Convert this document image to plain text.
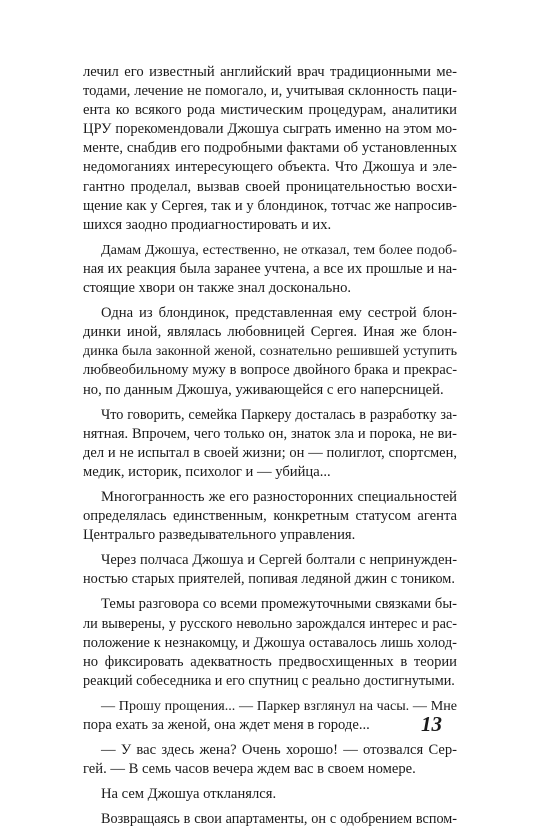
лечил его известный английский врач традиционными ме-
тодами, лечение не помогало, и, учитывая склонность паци-
ента ко всякого рода мистическим процедурам, аналитики
ЦРУ порекомендовали Джошуа сыграть именно на этом мо-
менте, снабдив его подробными фактами об установленных
недомоганиях интересующего объекта. Что Джошуа и эле-
гантно проделал, вызвав своей проницательностью восхи-
щение как у Сергея, так и у блондинок, тотчас же напросив-
шихся заодно продиагностировать и их.
Дамам Джошуа, естественно, не отказал, тем более подоб-
ная их реакция была заранее учтена, а все их прошлые и на-
стоящие хвори он также знал досконально.
Одна из блондинок, представленная ему сестрой блон-
динки иной, являлась любовницей Сергея. Иная же блон-
динка была законной женой, сознательно решившей уступить
любвеобильному мужу в вопросе двойного брака и прекрас-
но, по данным Джошуа, уживающейся с его наперсницей.
Что говорить, семейка Паркеру досталась в разработку за-
нятная. Впрочем, чего только он, знаток зла и порока, не ви-
дел и не испытал в своей жизни; он — полиглот, спортсмен,
медик, историк, психолог и — убийца...
Многогранность же его разносторонних специальностей
определялась единственным, конкретным статусом агента
Центральго разведывательного управления.
Через полчаса Джошуа и Сергей болтали с непринужден-
ностью старых приятелей, попивая ледяной джин с тоником.
Темы разговора со всеми промежуточными связками бы-
ли выверены, у русского невольно зарождался интерес и рас-
положение к незнакомцу, и Джошуа оставалось лишь холод-
но фиксировать адекватность предвосхищенных в теории
реакций собеседника и его спутниц с реально достигнутыми.
— Прошу прощения... — Паркер взглянул на часы. — Мне
пора ехать за женой, она ждет меня в городе...
— У вас здесь жена? Очень хорошо! — отозвался Сер-
гей. — В семь часов вечера ждем вас в своем номере.
На сем Джошуа откланялся.
Возвращаясь в свои апартаменты, он с одобрением вспом-
13
